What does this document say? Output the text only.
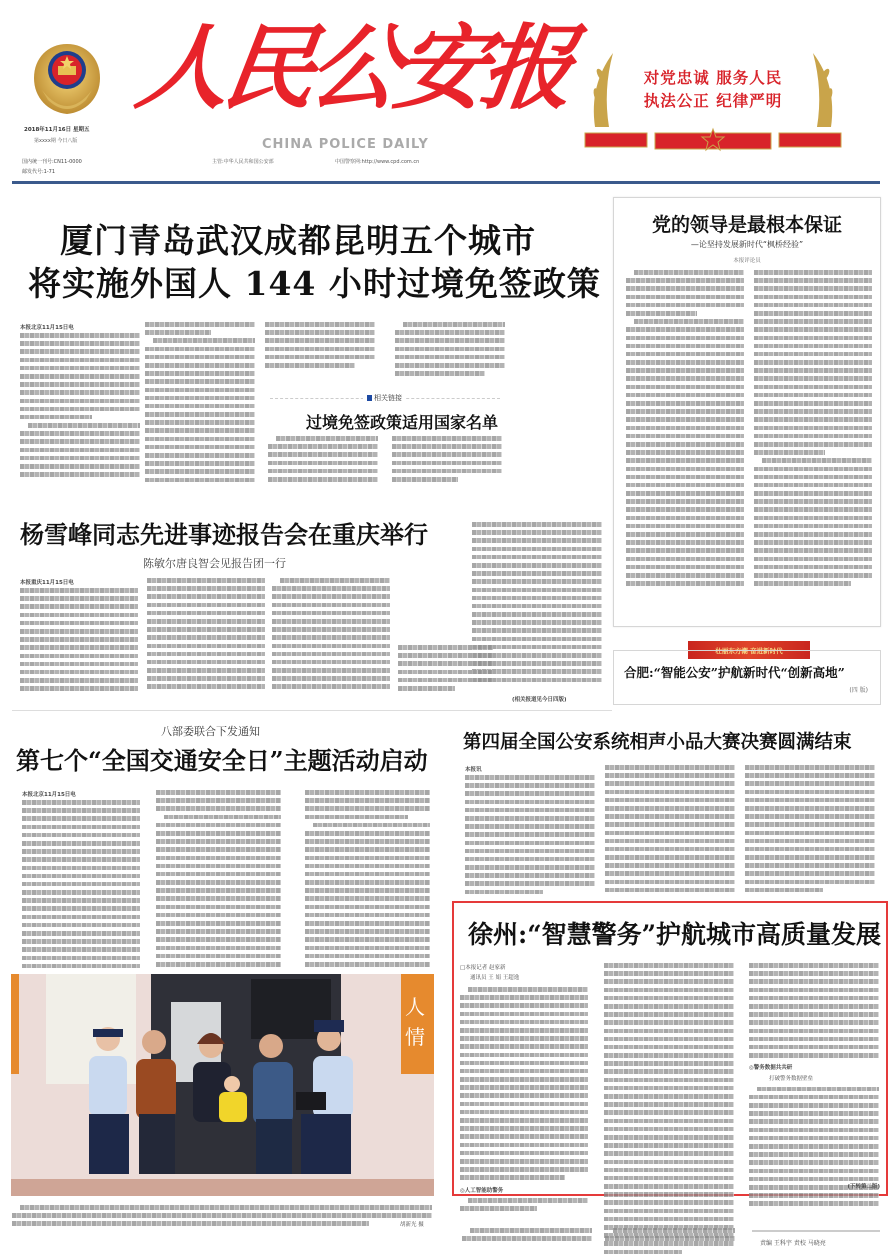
2018年11月16日 星期五
第xxxx期 今日八版
国内统一刊号:CN11-0000
邮发代号:1-71
人民公安报
CHINA POLICE DAILY
主管:中华人民共和国公安部	中国警察网:http://www.cpd.com.cn
对党忠诚 服务人民
执法公正 纪律严明
厦门青岛武汉成都昆明五个城市
将实施外国人 144 小时过境免签政策
本报北京11月15日电
相关链接
过境免签政策适用国家名单
党的领导是最根本保证
—论坚持发展新时代“枫桥经验”
本报评论员
壮丽东方潮 奋进新时代
合肥:“智能公安”护航新时代“创新高地”
(四 版)
杨雪峰同志先进事迹报告会在重庆举行
陈敏尔唐良智会见报告团一行
本报重庆11月15日电
(相关报道见今日四版)
八部委联合下发通知
第七个“全国交通安全日”主题活动启动
本报北京11月15日电
第四届全国公安系统相声小品大赛决赛圆满结束
本报讯
人
情
胡新光 摄
徐州:“智慧警务”护航城市高质量发展
□本报记者 赵家新
通讯员 王 娟 王超逸
◎人工智能助警务
◎警务数据共共研
打破警务数据壁垒
(下转第二版)
责编 王科宇 责校 马晓亮
